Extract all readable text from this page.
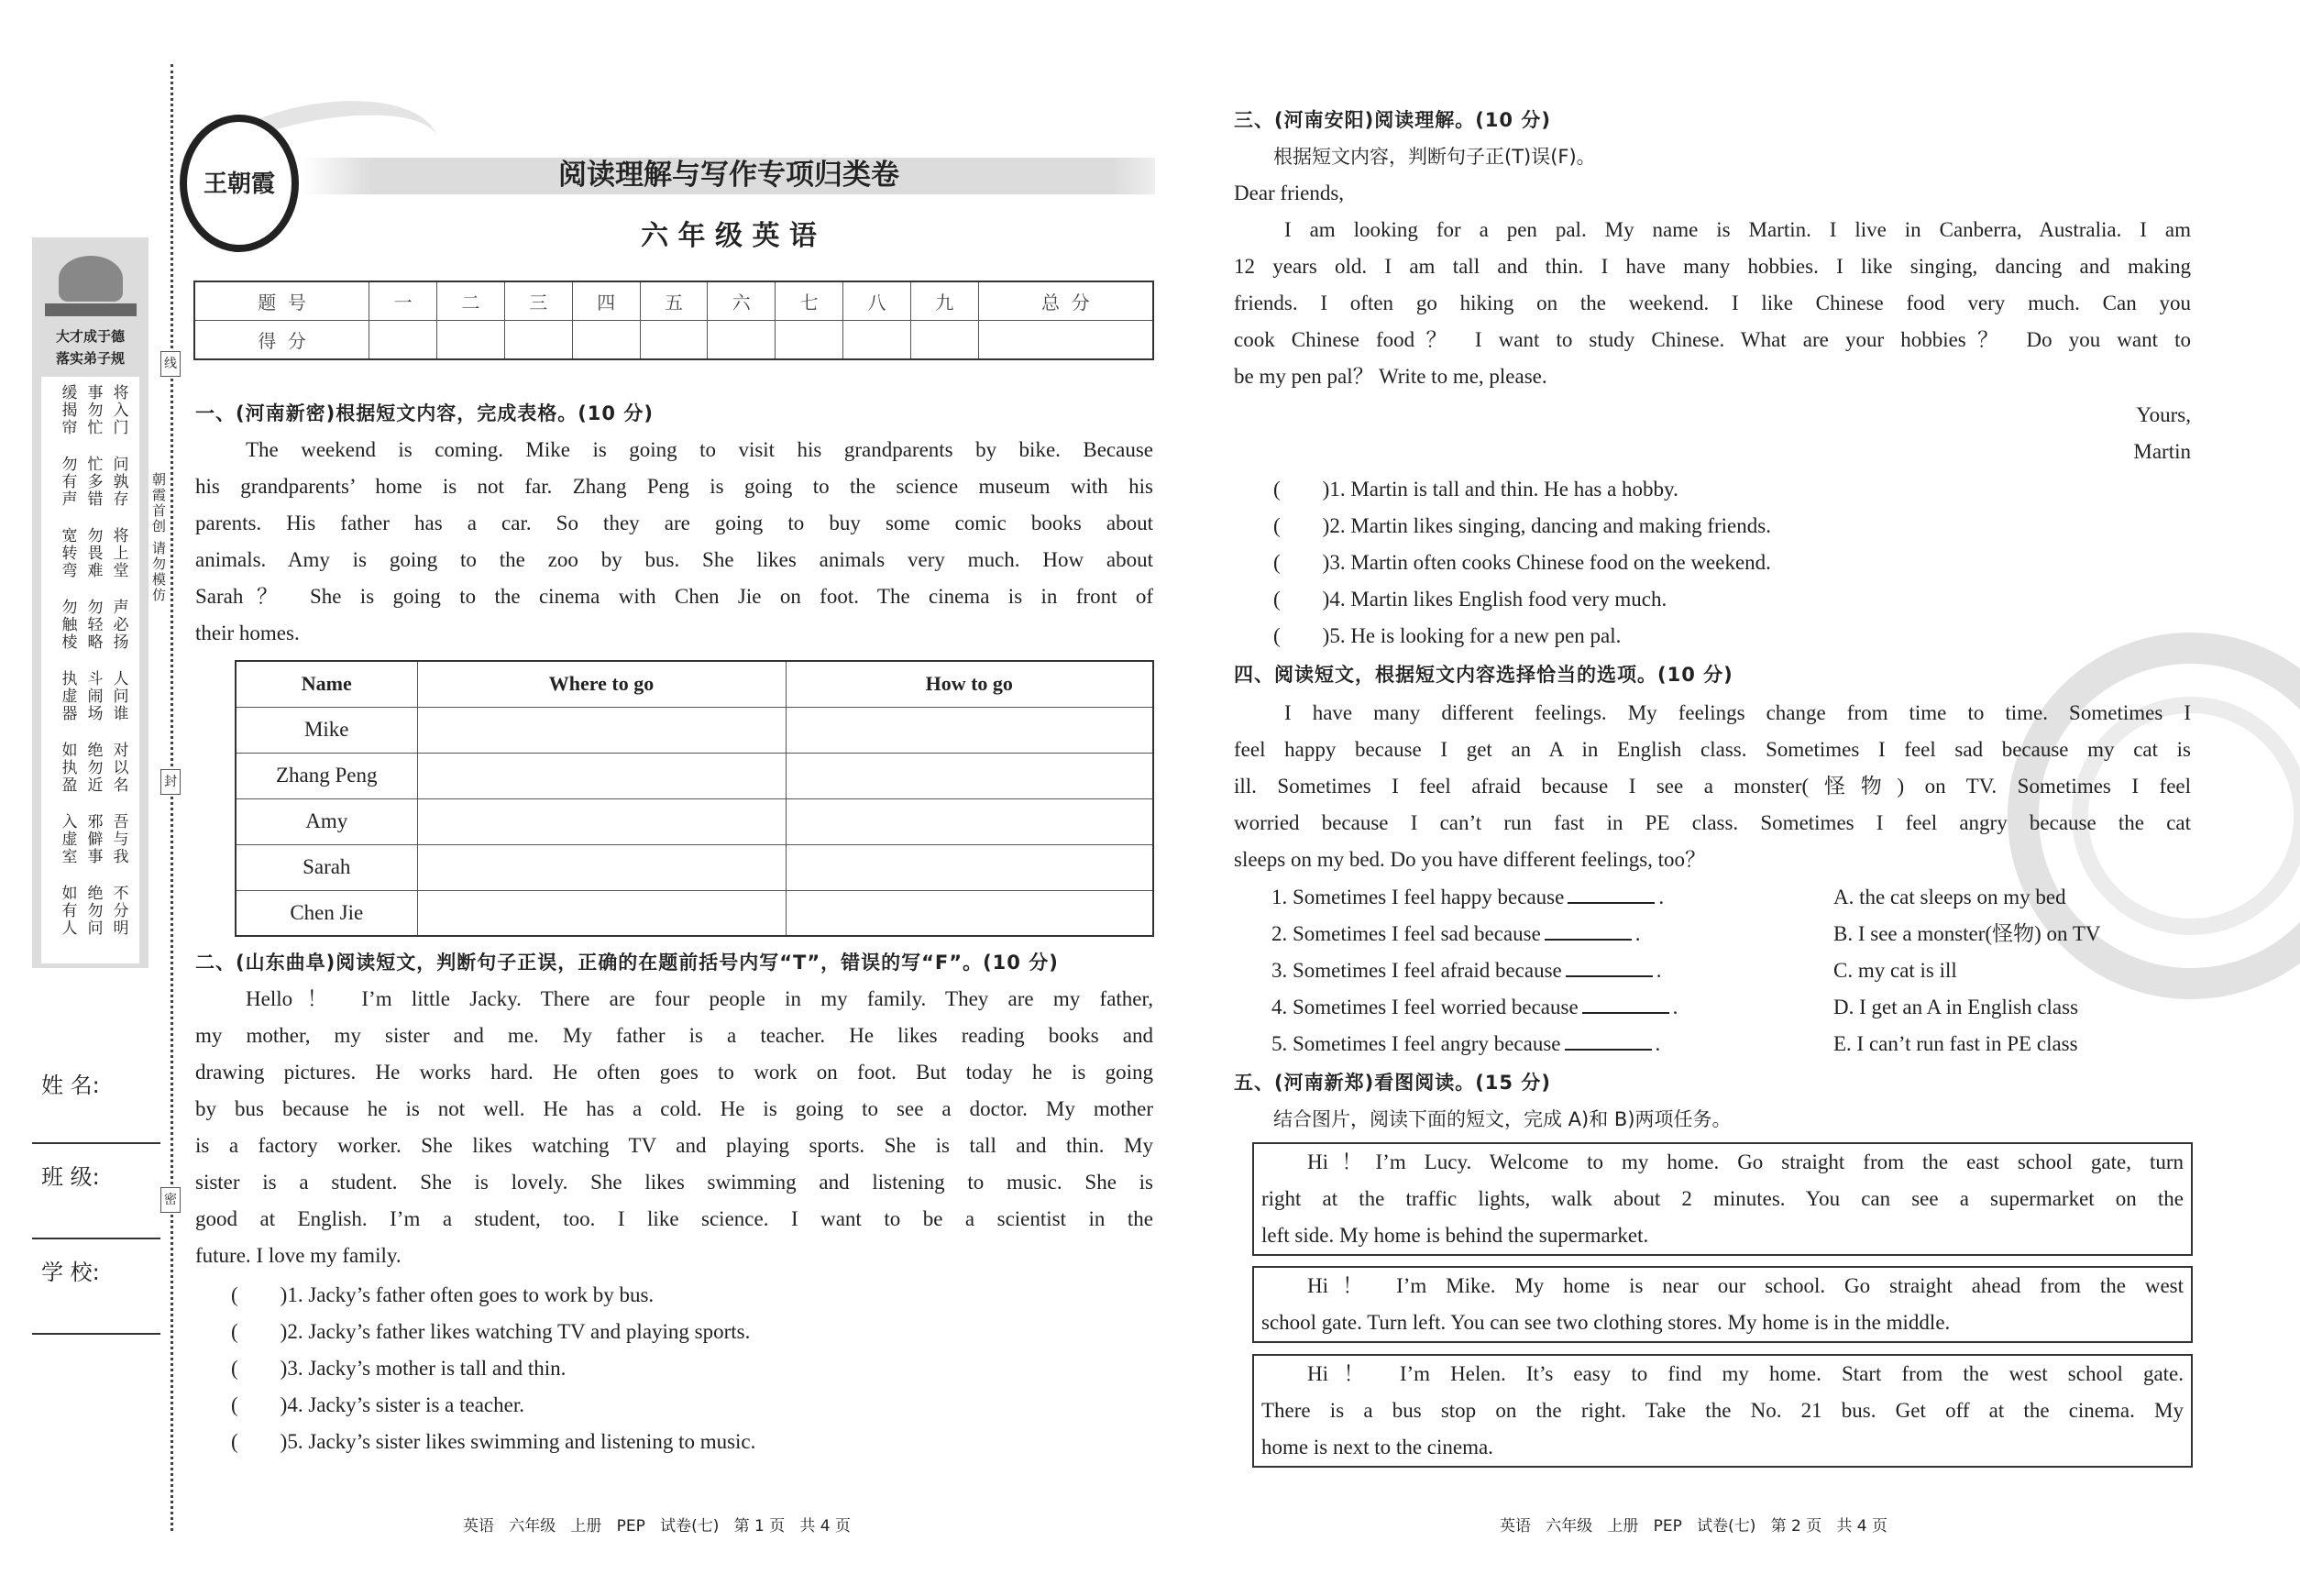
大才成于德
落实弟子规
将入门
事勿忙
缓揭帘
问孰存
忙多错
勿有声
将上堂
勿畏难
宽转弯
声必扬
勿轻略
勿触棱
人问谁
斗闹场
执虚器
对以名
绝勿近
如执盈
吾与我
邪僻事
入虚室
不分明
绝勿问
如有人
线
封
密
朝霞首创 请勿模仿
姓 名:
班 级:
学 校:
王朝霞	阅读理解与写作专项归类卷
六 年 级 英 语
题  号	一	二	三	四	五	六	七	八	九	总  分
得  分										
一、(河南新密)根据短文内容，完成表格。(10 分)
The weekend is coming. Mike is going to visit his grandparents by bike. Because
his grandparents’ home is not far. Zhang Peng is going to the science museum with his
parents. His father has a car. So they are going to buy some comic books about
animals. Amy is going to the zoo by bus. She likes animals very much. How about
Sarah？ She is going to the cinema with Chen Jie on foot. The cinema is in front of
their homes.
Name	Where to go	How to go
Mike		
Zhang Peng		
Amy		
Sarah		
Chen Jie		
二、(山东曲阜)阅读短文，判断句子正误，正确的在题前括号内写“T”，错误的写“F”。(10 分)
Hello！ I’m little Jacky. There are four people in my family. They are my father,
my mother, my sister and me. My father is a teacher. He likes reading books and
drawing pictures. He works hard. He often goes to work on foot. But today he is going
by bus because he is not well. He has a cold. He is going to see a doctor. My mother
is a factory worker. She likes watching TV and playing sports. She is tall and thin. My
sister is a student. She is lovely. She likes swimming and listening to music. She is
good at English. I’m a student, too. I like science. I want to be a scientist in the
future. I love my family.
(        )1. Jacky’s father often goes to work by bus.
(        )2. Jacky’s father likes watching TV and playing sports.
(        )3. Jacky’s mother is tall and thin.
(        )4. Jacky’s sister is a teacher.
(        )5. Jacky’s sister likes swimming and listening to music.
英语   六年级   上册   PEP   试卷(七)   第 1 页   共 4 页
三、(河南安阳)阅读理解。(10 分)
根据短文内容，判断句子正(T)误(F)。
Dear friends,
I am looking for a pen pal. My name is Martin. I live in Canberra, Australia. I am
12 years old. I am tall and thin. I have many hobbies. I like singing, dancing and making
friends. I often go hiking on the weekend. I like Chinese food very much. Can you
cook Chinese food？ I want to study Chinese. What are your hobbies？ Do you want to
be my pen pal？ Write to me, please.
Yours,
Martin
(        )1. Martin is tall and thin. He has a hobby.
(        )2. Martin likes singing, dancing and making friends.
(        )3. Martin often cooks Chinese food on the weekend.
(        )4. Martin likes English food very much.
(        )5. He is looking for a new pen pal.
四、阅读短文，根据短文内容选择恰当的选项。(10 分)
I have many different feelings. My feelings change from time to time. Sometimes I
feel happy because I get an A in English class. Sometimes I feel sad because my cat is
ill. Sometimes I feel afraid because I see a monster(怪物) on TV. Sometimes I feel
worried because I can’t run fast in PE class. Sometimes I feel angry because the cat
sleeps on my bed. Do you have different feelings, too？
1. Sometimes I feel happy because	.
2. Sometimes I feel sad because	.
3. Sometimes I feel afraid because	.
4. Sometimes I feel worried because	.
5. Sometimes I feel angry because	.
A. the cat sleeps on my bed
B. I see a monster(怪物) on TV
C. my cat is ill
D. I get an A in English class
E. I can’t run fast in PE class
五、(河南新郑)看图阅读。(15 分)
结合图片，阅读下面的短文，完成 A)和 B)两项任务。
Hi！I’m Lucy. Welcome to my home. Go straight from the east school gate, turn
right at the traffic lights, walk about 2 minutes. You can see a supermarket on the
left side. My home is behind the supermarket.
Hi！ I’m Mike. My home is near our school. Go straight ahead from the west
school gate. Turn left. You can see two clothing stores. My home is in the middle.
Hi！ I’m Helen. It’s easy to find my home. Start from the west school gate.
There is a bus stop on the right. Take the No. 21 bus. Get off at the cinema. My
home is next to the cinema.
英语   六年级   上册   PEP   试卷(七)   第 2 页   共 4 页
